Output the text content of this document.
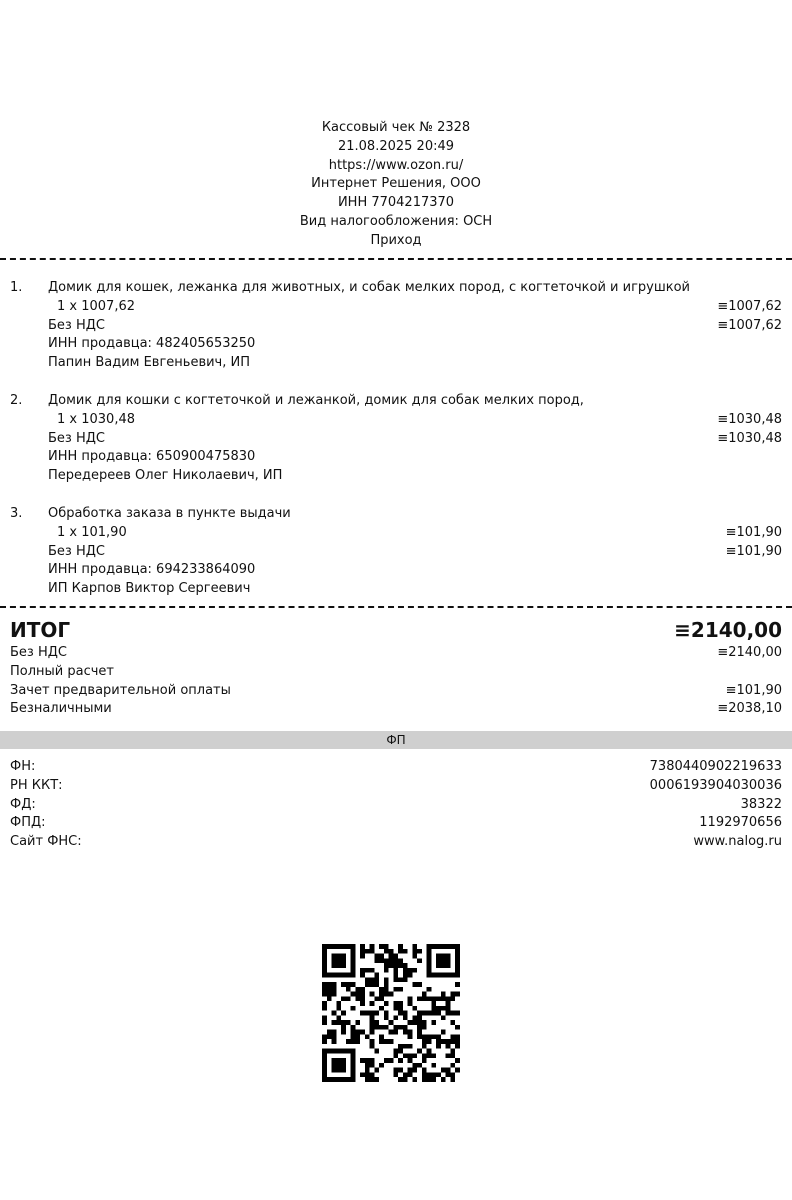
Кассовый чек № 2328
21.08.2025 20:49
https://www.ozon.ru/
Интернет Решения, ООО
ИНН 7704217370
Вид налогообложения: ОСН
Приход
1. Домик для кошек, лежанка для животных, и собак мелких пород, с когтеточкой и игрушкой
1 x 1007,62	≡1007,62
Без НДС	≡1007,62
ИНН продавца: 482405653250
Папин Вадим Евгеньевич, ИП
2. Домик для кошки с когтеточкой и лежанкой, домик для собак мелких пород,
1 x 1030,48	≡1030,48
Без НДС	≡1030,48
ИНН продавца: 650900475830
Передереев Олег Николаевич, ИП
3. Обработка заказа в пункте выдачи
1 x 101,90	≡101,90
Без НДС	≡101,90
ИНН продавца: 694233864090
ИП Карпов Виктор Сергеевич
ИТОГ	≡2140,00
Без НДС	≡2140,00
Полный расчет
Зачет предварительной оплаты	≡101,90
Безналичными	≡2038,10
ФП
ФН:	7380440902219633
РН ККТ:	0006193904030036
ФД:	38322
ФПД:	1192970656
Сайт ФНС:	www.nalog.ru
